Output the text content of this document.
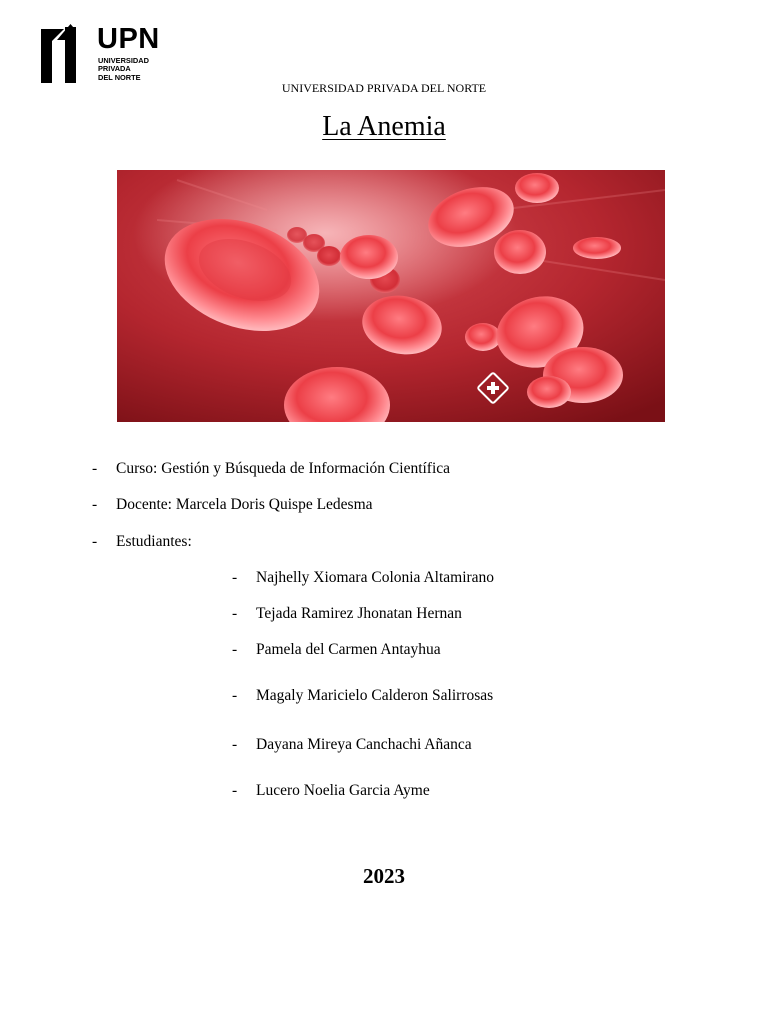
UPN
UNIVERSIDAD
PRIVADA
DEL NORTE
UNIVERSIDAD PRIVADA DEL NORTE
La Anemia
- Curso: Gestión y Búsqueda de Información Científica
- Docente: Marcela Doris Quispe Ledesma
- Estudiantes:
- Najhelly Xiomara Colonia Altamirano
- Tejada Ramirez Jhonatan Hernan
- Pamela del Carmen Antayhua
- Magaly Maricielo Calderon Salirrosas
- Dayana Mireya Canchachi Añanca
- Lucero Noelia Garcia Ayme
2023
